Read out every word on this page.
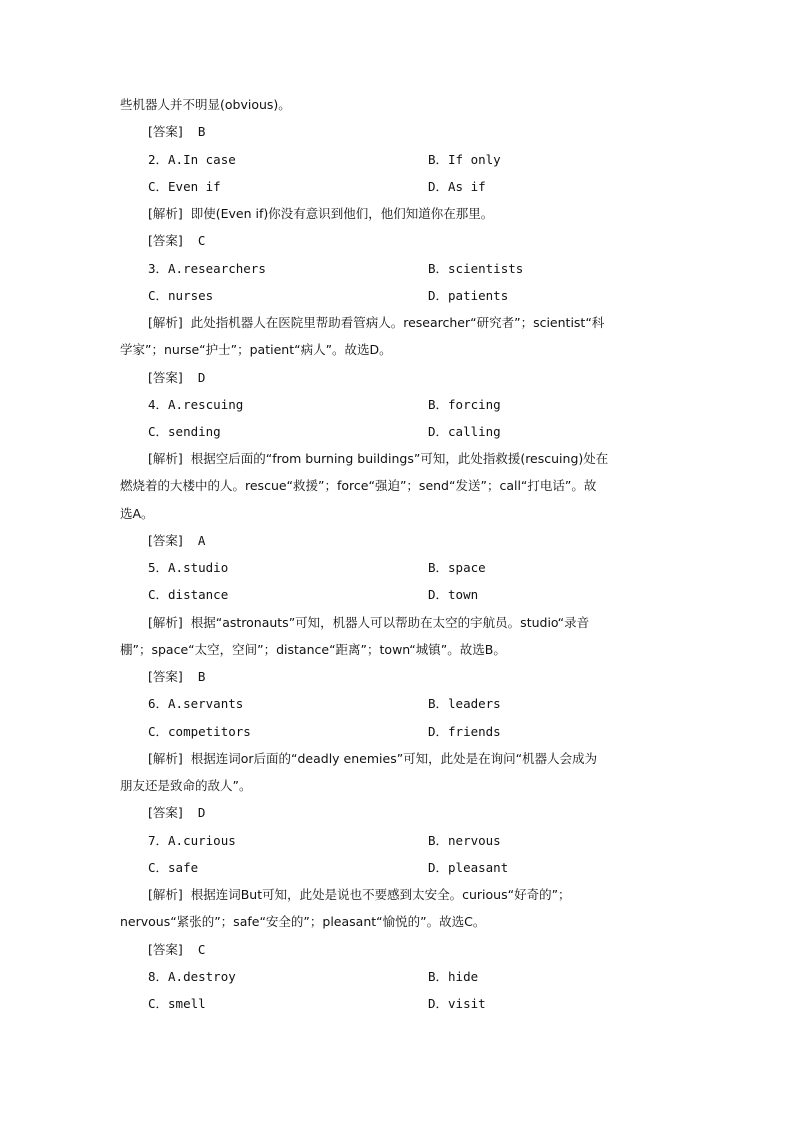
些机器人并不明显(obvious)。
[答案] B
2．A.In case	B．If only
C．Even if	D．As if
[解析] 即使(Even if)你没有意识到他们，他们知道你在那里。
[答案] C
3．A.researchers	B．scientists
C．nurses	D．patients
[解析] 此处指机器人在医院里帮助看管病人。researcher“研究者”；scientist“科
学家”；nurse“护士”；patient“病人”。故选D。
[答案] D
4．A.rescuing	B．forcing
C．sending	D．calling
[解析] 根据空后面的“from burning buildings”可知，此处指救援(rescuing)处在
燃烧着的大楼中的人。rescue“救援”；force“强迫”；send“发送”；call“打电话”。故
选A。
[答案] A
5．A.studio	B．space
C．distance	D．town
[解析] 根据“astronauts”可知，机器人可以帮助在太空的宇航员。studio“录音
棚”；space“太空，空间”；distance“距离”；town“城镇”。故选B。
[答案] B
6．A.servants	B．leaders
C．competitors	D．friends
[解析] 根据连词or后面的“deadly enemies”可知，此处是在询问“机器人会成为
朋友还是致命的敌人”。
[答案] D
7．A.curious	B．nervous
C．safe	D．pleasant
[解析] 根据连词But可知，此处是说也不要感到太安全。curious“好奇的”；
nervous“紧张的”；safe“安全的”；pleasant“愉悦的”。故选C。
[答案] C
8．A.destroy	B．hide
C．smell	D．visit
